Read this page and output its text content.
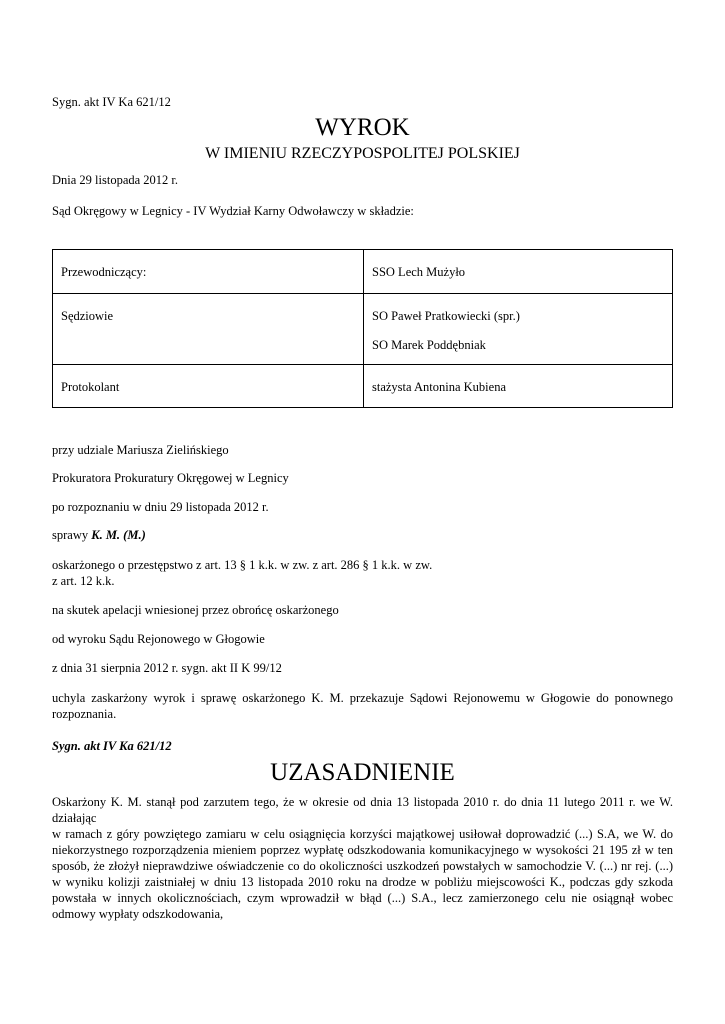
Sygn. akt IV Ka 621/12
WYROK
W IMIENIU RZECZYPOSPOLITEJ POLSKIEJ
Dnia 29 listopada 2012 r.
Sąd Okręgowy w Legnicy - IV Wydział Karny Odwoławczy w składzie:
Przewodniczący:	SSO Lech Mużyło

Sędziowie	SO Paweł Pratkowiecki (spr.)
SO Marek Poddębniak

Protokolant	stażysta Antonina Kubiena
przy udziale Mariusza Zielińskiego
Prokuratora Prokuratury Okręgowej w Legnicy
po rozpoznaniu w dniu 29 listopada 2012 r.
sprawy K. M. (M.)
oskarżonego o przestępstwo z art. 13 § 1 k.k. w zw. z art. 286 § 1 k.k. w zw.
z art. 12 k.k.
na skutek apelacji wniesionej przez obrońcę oskarżonego
od wyroku Sądu Rejonowego w Głogowie
z dnia 31 sierpnia 2012 r. sygn. akt II K 99/12
uchyla zaskarżony wyrok i sprawę oskarżonego K. M. przekazuje Sądowi Rejonowemu w Głogowie do ponownego rozpoznania.
Sygn. akt IV Ka 621/12
UZASADNIENIE
Oskarżony K. M. stanął pod zarzutem tego, że w okresie od dnia 13 listopada 2010 r. do dnia 11 lutego 2011 r. we W. działając
w ramach z góry powziętego zamiaru w celu osiągnięcia korzyści majątkowej usiłował doprowadzić (...) S.A, we W. do niekorzystnego rozporządzenia mieniem poprzez wypłatę odszkodowania komunikacyjnego w wysokości 21 195 zł w ten sposób, że złożył nieprawdziwe oświadczenie co do okoliczności uszkodzeń powstałych w samochodzie V. (...) nr rej. (...) w wyniku kolizji zaistniałej w dniu 13 listopada 2010 roku na drodze w pobliżu miejscowości K., podczas gdy szkoda powstała w innych okolicznościach, czym wprowadził w błąd (...) S.A., lecz zamierzonego celu nie osiągnął wobec odmowy wypłaty odszkodowania,
